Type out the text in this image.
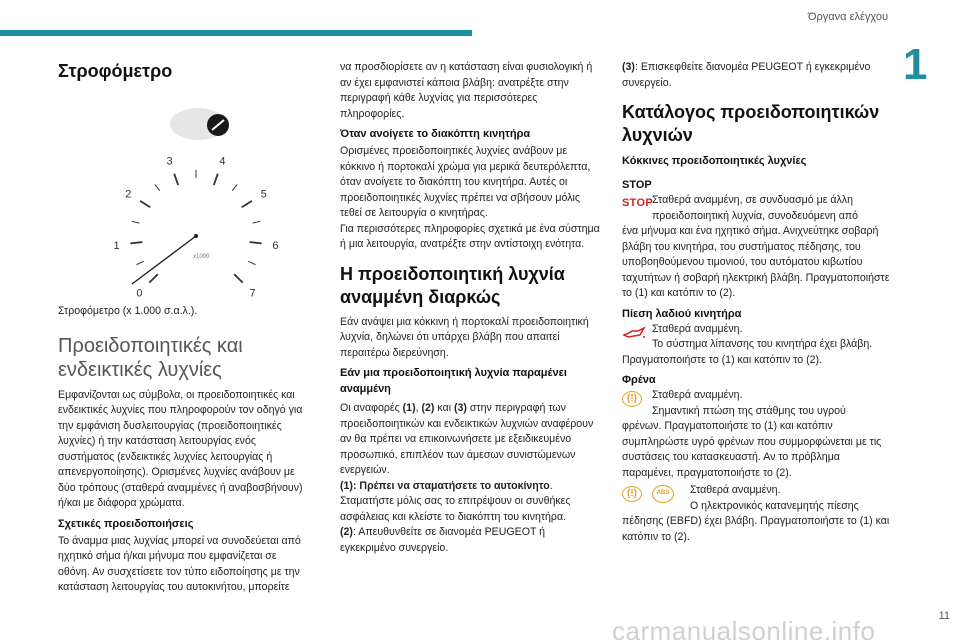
Όργανα ελέγχου
1
Στροφόμετρο
0
1
2
3	4
5
6
7
x1000

Στροφόμετρο (x 1.000 σ.α.λ.).

Προειδοποιητικές και ενδεικτικές λυχνίες

Εμφανίζονται ως σύμβολα, οι προειδοποιητικές και ενδεικτικές λυχνίες που πληροφορούν τον οδηγό για την εμφάνιση δυσλειτουργίας (προειδοποιητικές λυχνίες) ή την κατάσταση λειτουργίας ενός συστήματος (ενδεικτικές λυχνίες λειτουργίας ή απενεργοποίησης). Ορισμένες λυχνίες ανάβουν με δύο τρόπους (σταθερά αναμμένες ή αναβοσβήνουν) ή/και με διάφορα χρώματα.

Σχετικές προειδοποιήσεις

Το άναμμα μιας λυχνίας μπορεί να συνοδεύεται από ηχητικό σήμα ή/και μήνυμα που εμφανίζεται σε οθόνη. Αν συσχετίσετε τον τύπο ειδοποίησης με την κατάσταση λειτουργίας του αυτοκινήτου, μπορείτε

να προσδιορίσετε αν η κατάσταση είναι φυσιολογική ή αν έχει εμφανιστεί κάποια βλάβη: ανατρέξτε στην περιγραφή κάθε λυχνίας για περισσότερες πληροφορίες.

Όταν ανοίγετε το διακόπτη κινητήρα

Ορισμένες προειδοποιητικές λυχνίες ανάβουν με κόκκινο ή πορτοκαλί χρώμα για μερικά δευτερόλεπτα, όταν ανοίγετε το διακόπτη του κινητήρα. Αυτές οι προειδοποιητικές λυχνίες πρέπει να σβήσουν μόλις τεθεί σε λειτουργία ο κινητήρας.

Για περισσότερες πληροφορίες σχετικά με ένα σύστημα ή μια λειτουργία, ανατρέξτε στην αντίστοιχη ενότητα.

Η προειδοποιητική λυχνία αναμμένη διαρκώς

Εάν ανάψει μια κόκκινη ή πορτοκαλί προειδοποιητική λυχνία, δηλώνει ότι υπάρχει βλάβη που απαιτεί περαιτέρω διερεύνηση.

Εάν μια προειδοποιητική λυχνία παραμένει αναμμένη

Οι αναφορές (1), (2) και (3) στην περιγραφή των προειδοποιητικών και ενδεικτικών λυχνιών αναφέρουν αν θα πρέπει να επικοινωνήσετε με εξειδικευμένο προσωπικό, επιπλέον των άμεσων συνιστώμενων ενεργειών.

(1): Πρέπει να σταματήσετε το αυτοκίνητο. Σταματήστε μόλις σας το επιτρέψουν οι συνθήκες ασφάλειας και κλείστε το διακόπτη του κινητήρα.

(2): Απευθυνθείτε σε διανομέα PEUGEOT ή εγκεκριμένο συνεργείο.

(3): Επισκεφθείτε διανομέα PEUGEOT ή εγκεκριμένο συνεργείο.

Κατάλογος προειδοποιητικών λυχνιών
Κόκκινες προειδοποιητικές λυχνίες
STOP
STOP Σταθερά αναμμένη, σε συνδυασμό με άλλη προειδοποιητική λυχνία, συνοδευόμενη από

ένα μήνυμα και ένα ηχητικό σήμα. Ανιχνεύτηκε σοβαρή βλάβη του κινητήρα, του συστήματος πέδησης, του υποβοηθούμενου τιμονιού, του αυτόματου κιβωτίου ταχυτήτων ή σοβαρή ηλεκτρική βλάβη. Πραγματοποιήστε το (1) και κατόπιν το (2).

Πίεση λαδιού κινητήρα

Σταθερά αναμμένη.

Το σύστημα λίπανσης του κινητήρα έχει βλάβη.

Πραγματοποιήστε το (1) και κατόπιν το (2).

Φρένα
(!)	Σταθερά αναμμένη.

Σημαντική πτώση της στάθμης του υγρού

φρένων. Πραγματοποιήστε το (1) και κατόπιν συμπληρώστε υγρό φρένων που συμμορφώνεται με τις συστάσεις του κατασκευαστή. Αν το πρόβλημα παραμένει, πραγματοποιήστε το (2).

(!)	ABS	Σταθερά αναμμένη.

Ο ηλεκτρονικός κατανεμητής πίεσης

πέδησης (EBFD) έχει βλάβη. Πραγματοποιήστε το (1) και κατόπιν το (2).

carmanualsonline.info	11
